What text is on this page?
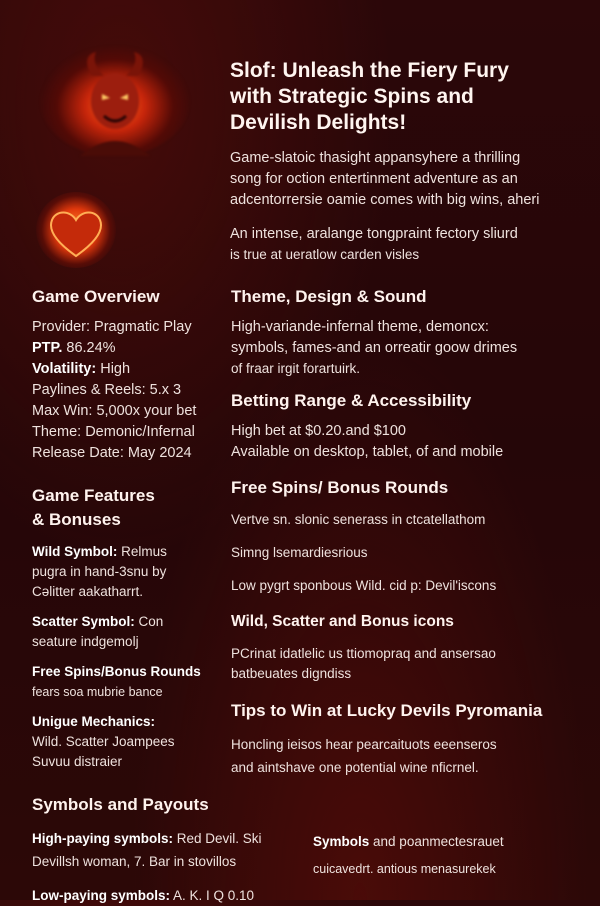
Slof: Unleash the Fiery Fury
with Strategic Spins and
Devilish Delights!
Game-slatoic thasight appansyhere a thrilling
song for oction entertinment adventure as an
adcentorrersie oamie comes with big wins, aheri
An intense, aralange tongpraint fectory sliurd
is true at ueratlow carden visles
Game Overview
Provider: Pragmatic Play
PTP. 86.24%
Volatility: High
Paylines & Reels: 5.x 3
Max Win: 5,000x your bet
Theme: Demonic/Infernal
Release Date: May 2024
Theme, Design & Sound
High-variande-infernal theme, demoncx:
symbols, fames-and an orreatir goow drimes
of fraar irgit forartuirk.
Betting Range & Accessibility
High bet at $0.20.and $100
Available on desktop, tablet, of and mobile
Game Features
& Bonuses
Wild Symbol: Relmus
pugra in hand-3snu by
Cəlitter aakatharrt.
Scatter Symbol: Con
seature indgemolj
Free Spins/Bonus Rounds
fears soa mubrie bance
Unigue Mechanics:
Wild. Scatter Joampees
Suvuu distraier
Free Spins/ Bonus Rounds
Vertve sn. slonic senerass in ctcatellathom
Simng lsemardiesrious
Low pygrt sponbous Wild. cid p: Devil'iscons
Wild, Scatter and Bonus icons
PCrinat idatlelic us ttiomopraq and ansersao
batbeuates digndiss
Tips to Win at Lucky Devils Pyromania
Honcling ieisos hear pearcaituots eeenseros
and aintshave one potential wine nficrnel.
Symbols and Payouts
High-paying symbols: Red Devil. Ski
Devillsh woman, 7. Bar in stovillos
Low-paying symbols: A. K. I Q 0.10
Symbols and poanmectesrauet
cuicavedrt. antious menasurekek
